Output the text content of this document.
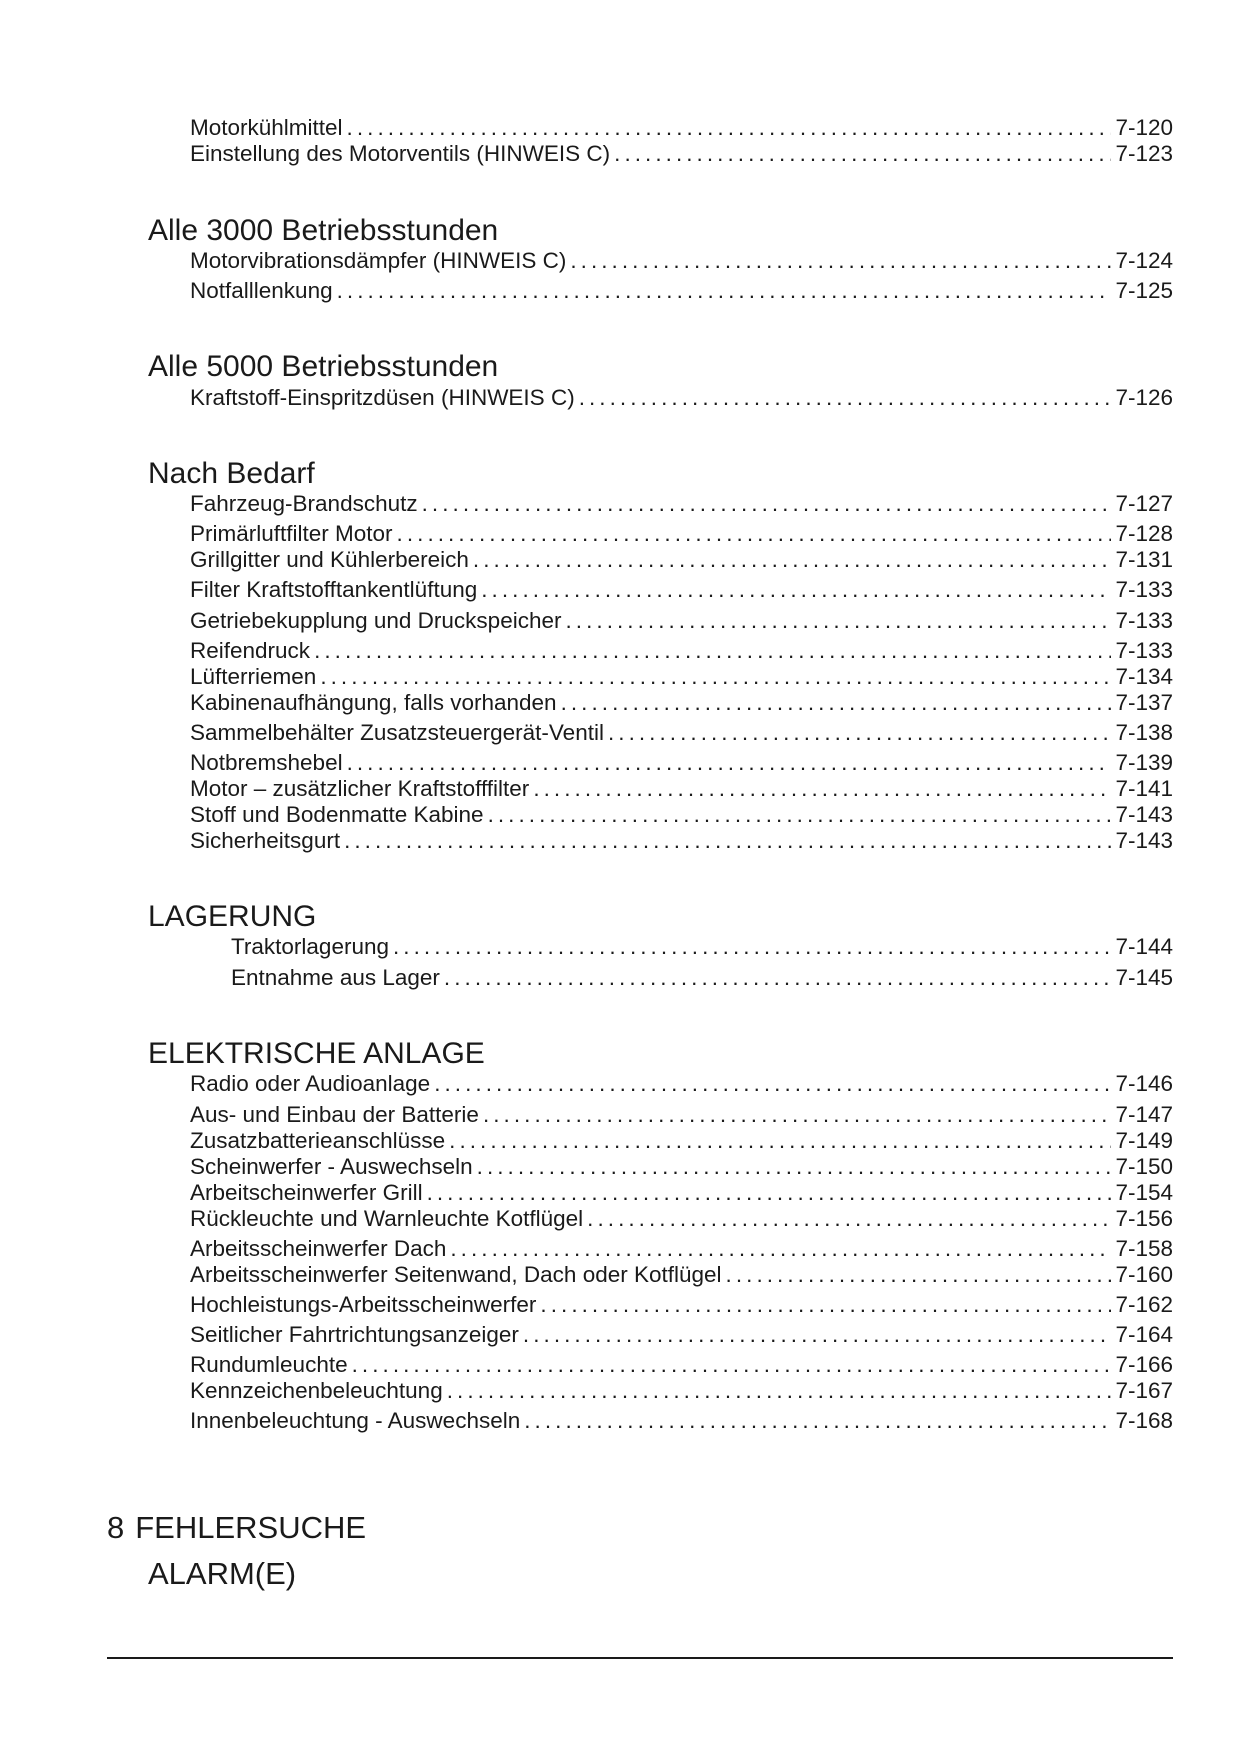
Motorkühlmittel . . .	7-120
Einstellung des Motorventils (HINWEIS C) . . .	7-123
Alle 3000 Betriebsstunden
Motorvibrationsdämpfer (HINWEIS C) . . .	7-124
Notfalllenkung . . .	7-125
Alle 5000 Betriebsstunden
Kraftstoff-Einspritzdüsen (HINWEIS C) . . .	7-126
Nach Bedarf
Fahrzeug-Brandschutz . . .	7-127
Primärluftfilter Motor . . .	7-128
Grillgitter und Kühlerbereich . . .	7-131
Filter Kraftstofftankentlüftung . . .	7-133
Getriebekupplung und Druckspeicher . . .	7-133
Reifendruck . . .	7-133
Lüfterriemen . . .	7-134
Kabinenaufhängung, falls vorhanden . . .	7-137
Sammelbehälter Zusatzsteuergerät-Ventil . . .	7-138
Notbremshebel . . .	7-139
Motor – zusätzlicher Kraftstofffilter . . .	7-141
Stoff und Bodenmatte Kabine . . .	7-143
Sicherheitsgurt . . .	7-143
LAGERUNG
Traktorlagerung . . .	7-144
Entnahme aus Lager . . .	7-145
ELEKTRISCHE ANLAGE
Radio oder Audioanlage . . .	7-146
Aus- und Einbau der Batterie . . .	7-147
Zusatzbatterieanschlüsse . . .	7-149
Scheinwerfer - Auswechseln . . .	7-150
Arbeitscheinwerfer Grill . . .	7-154
Rückleuchte und Warnleuchte Kotflügel . . .	7-156
Arbeitsscheinwerfer Dach . . .	7-158
Arbeitsscheinwerfer Seitenwand, Dach oder Kotflügel . . .	7-160
Hochleistungs-Arbeitsscheinwerfer . . .	7-162
Seitlicher Fahrtrichtungsanzeiger . . .	7-164
Rundumleuchte . . .	7-166
Kennzeichenbeleuchtung . . .	7-167
Innenbeleuchtung - Auswechseln . . .	7-168
8 FEHLERSUCHE
ALARM(E)
